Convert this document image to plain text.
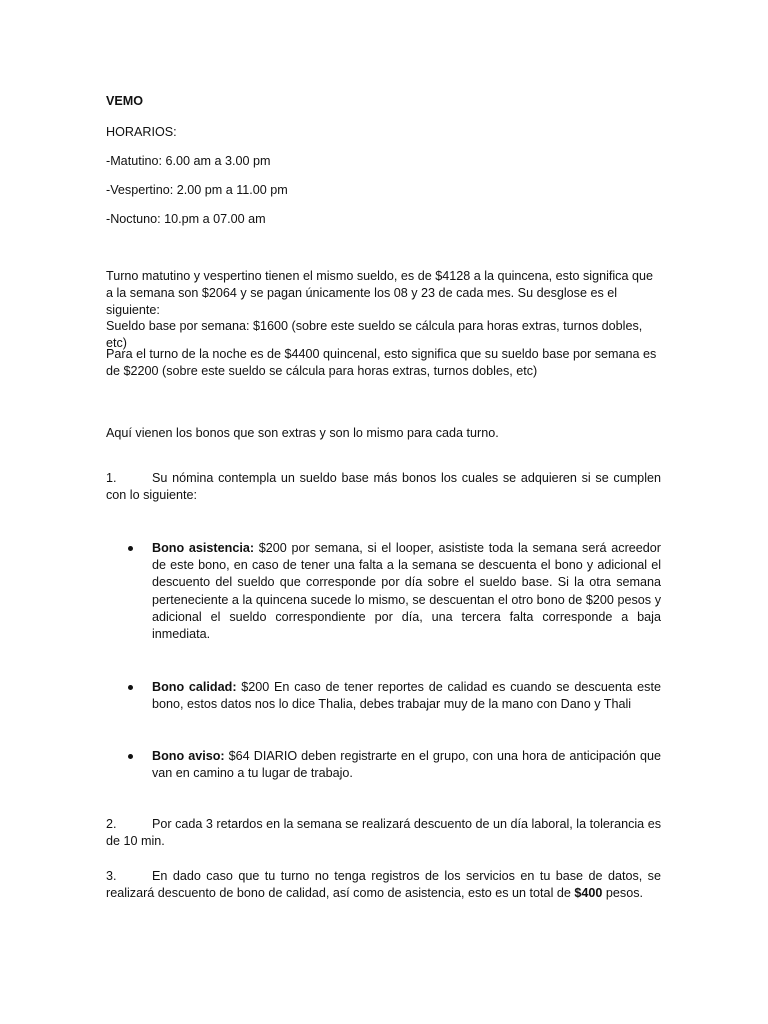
VEMO
HORARIOS:
-Matutino: 6.00 am a 3.00 pm
-Vespertino: 2.00 pm a 11.00 pm
-Noctuno: 10.pm a 07.00 am
Turno matutino y vespertino tienen el mismo sueldo, es de $4128 a la quincena, esto significa que a la semana son $2064 y se pagan únicamente los 08 y 23 de cada mes. Su desglose es el siguiente:
Sueldo base por semana: $1600 (sobre este sueldo se cálcula para horas extras, turnos dobles, etc)
Para el turno de la noche es de $4400 quincenal, esto significa que su sueldo base por semana es de $2200 (sobre este sueldo se cálcula para horas extras, turnos dobles, etc)
Aquí vienen los bonos que son extras y son lo mismo para cada turno.
1.	Su nómina contempla un sueldo base más bonos los cuales se adquieren si se cumplen con lo siguiente:
Bono asistencia: $200 por semana, si el looper, asististe toda la semana será acreedor de este bono, en caso de tener una falta a la semana se descuenta el bono y adicional el descuento del sueldo que corresponde por día sobre el sueldo base. Si la otra semana perteneciente a la quincena sucede lo mismo, se descuentan el otro bono de $200 pesos y adicional el sueldo correspondiente por día, una tercera falta corresponde a baja inmediata.
Bono calidad: $200 En caso de tener reportes de calidad es cuando se descuenta este bono, estos datos nos lo dice Thalia, debes trabajar muy de la mano con Dano y Thali
Bono aviso: $64 DIARIO deben registrarte en el grupo, con una hora de anticipación que van en camino a tu lugar de trabajo.
2.	Por cada 3 retardos en la semana se realizará descuento de un día laboral, la tolerancia es de 10 min.
3.	En dado caso que tu turno no tenga registros de los servicios en tu base de datos, se realizará descuento de bono de calidad, así como de asistencia, esto es un total de $400 pesos.
